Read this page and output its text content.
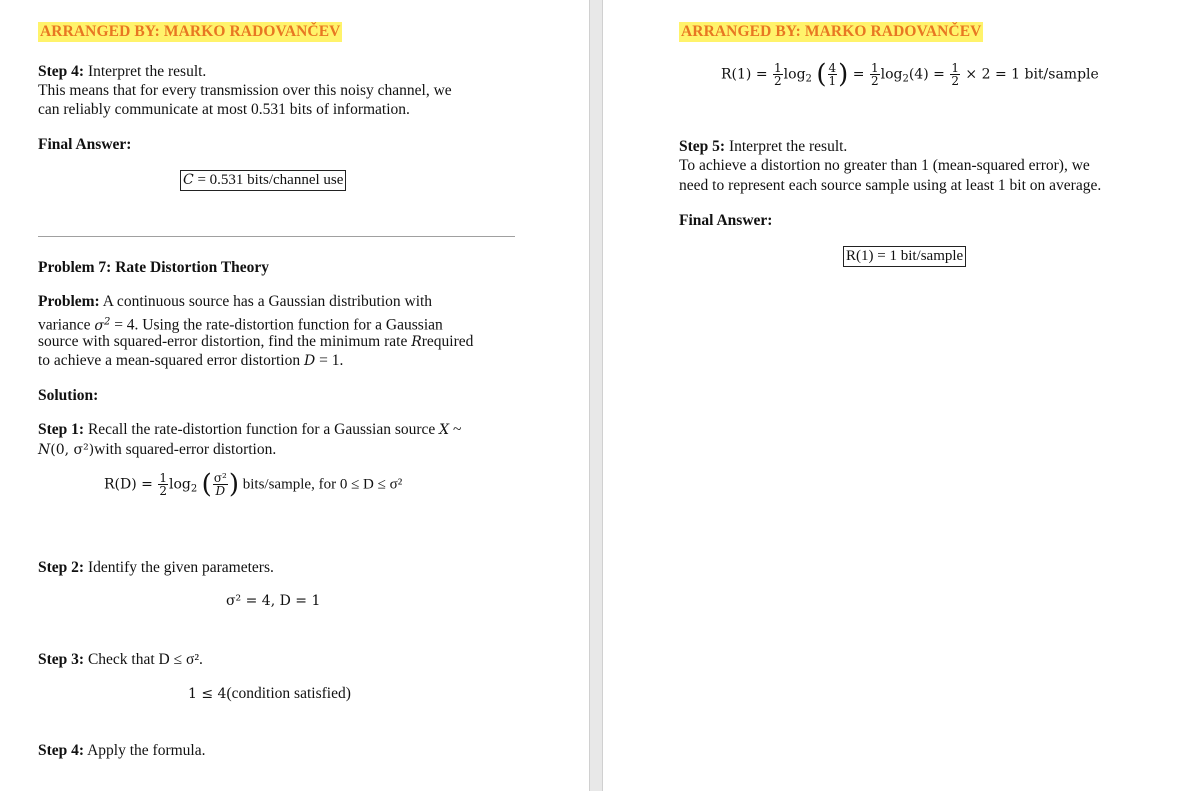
ARRANGED BY: MARKO RADOVANČEV
Step 4: Interpret the result.
This means that for every transmission over this noisy channel, we
can reliably communicate at most 0.531 bits of information.
Final Answer:
C = 0.531 bits/channel use
Problem 7: Rate Distortion Theory
Problem: A continuous source has a Gaussian distribution with
variance $\sigma^2 = 4$. Using the rate-distortion function for a Gaussian
source with squared-error distortion, find the minimum rate Rrequired
to achieve a mean-squared error distortion D = 1.
Solution:
Step 1: Recall the rate-distortion function for a Gaussian source X ~
N(0, σ²)with squared-error distortion.
$R(D) = \frac{1}{2} \log_2$ ( $\frac{\text{σ²}}{D}$ ) bits/sample, for 0 ≤ D ≤ σ²
Step 2: Identify the given parameters.
σ² = 4, D = 1
Step 3: Check that D ≤ σ².
1 ≤ 4(condition satisfied)
Step 4: Apply the formula.
ARRANGED BY: MARKO RADOVANČEV
$R(1) = \frac{1}{2} \log_2$ ( $\frac{4}{1}$ ) = $\frac{1}{2} \log_2(4) = \frac{1}{2} \times 2 = 1$ bit/sample
Step 5: Interpret the result.
To achieve a distortion no greater than 1 (mean-squared error), we
need to represent each source sample using at least 1 bit on average.
Final Answer:
R(1) = 1 bit/sample
